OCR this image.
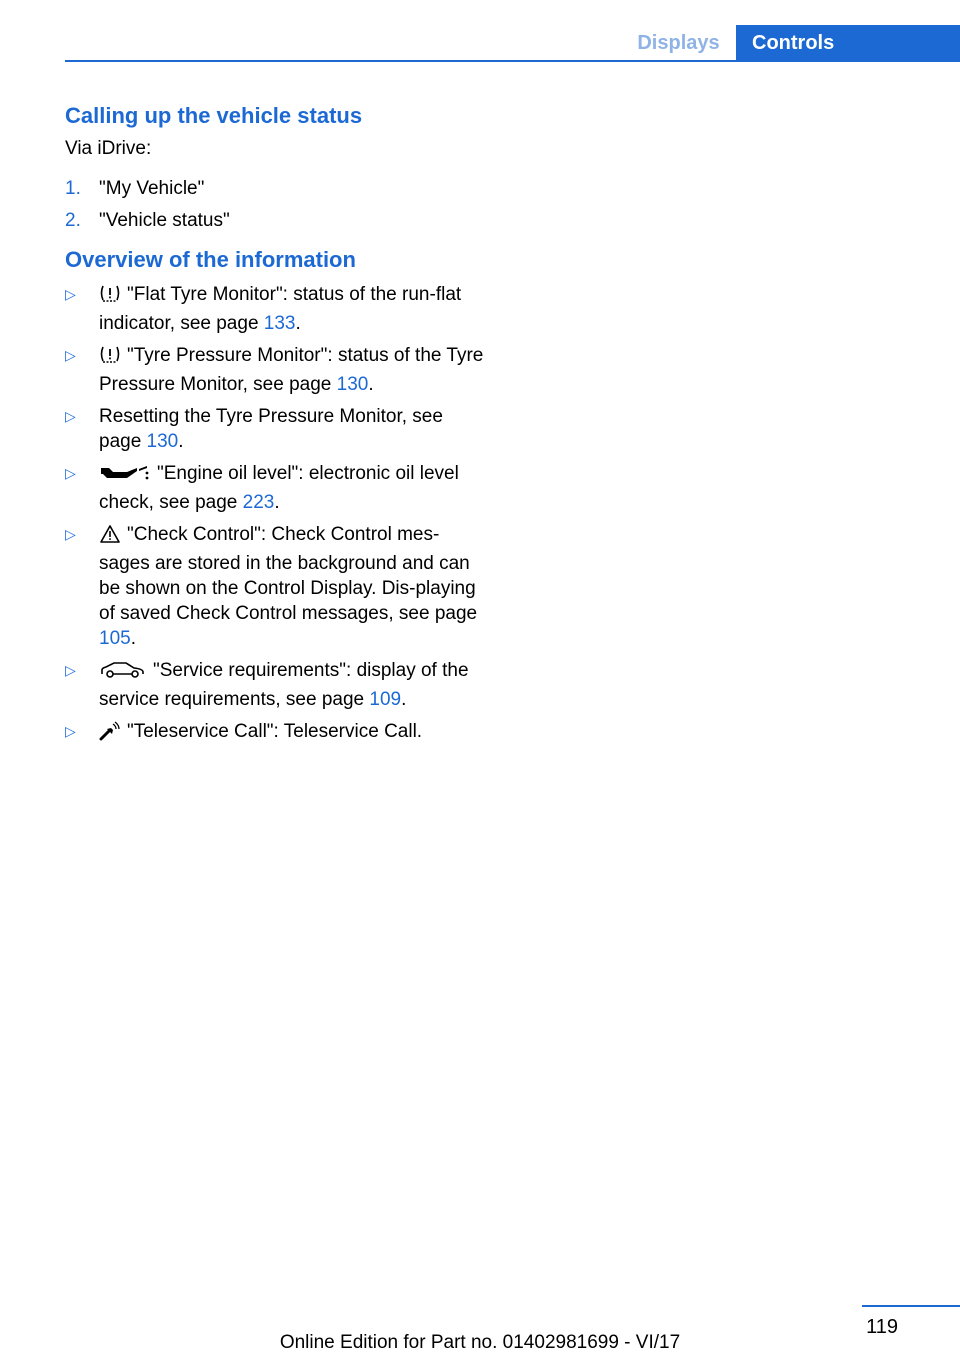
Displays	Controls
Calling up the vehicle status
Via iDrive:
1. "My Vehicle"
2. "Vehicle status"
Overview of the information
▷	"Flat Tyre Monitor": status of the run-flat indicator, see page 133.
▷	"Tyre Pressure Monitor": status of the Tyre Pressure Monitor, see page 130.
▷	Resetting the Tyre Pressure Monitor, see page 130.
▷	"Engine oil level": electronic oil level check, see page 223.
▷	"Check Control": Check Control mes-sages are stored in the background and can be shown on the Control Display. Dis-playing of saved Check Control messages, see page 105.
▷	"Service requirements": display of the service requirements, see page 109.
▷	"Teleservice Call": Teleservice Call.
119
Online Edition for Part no. 01402981699 - VI/17
